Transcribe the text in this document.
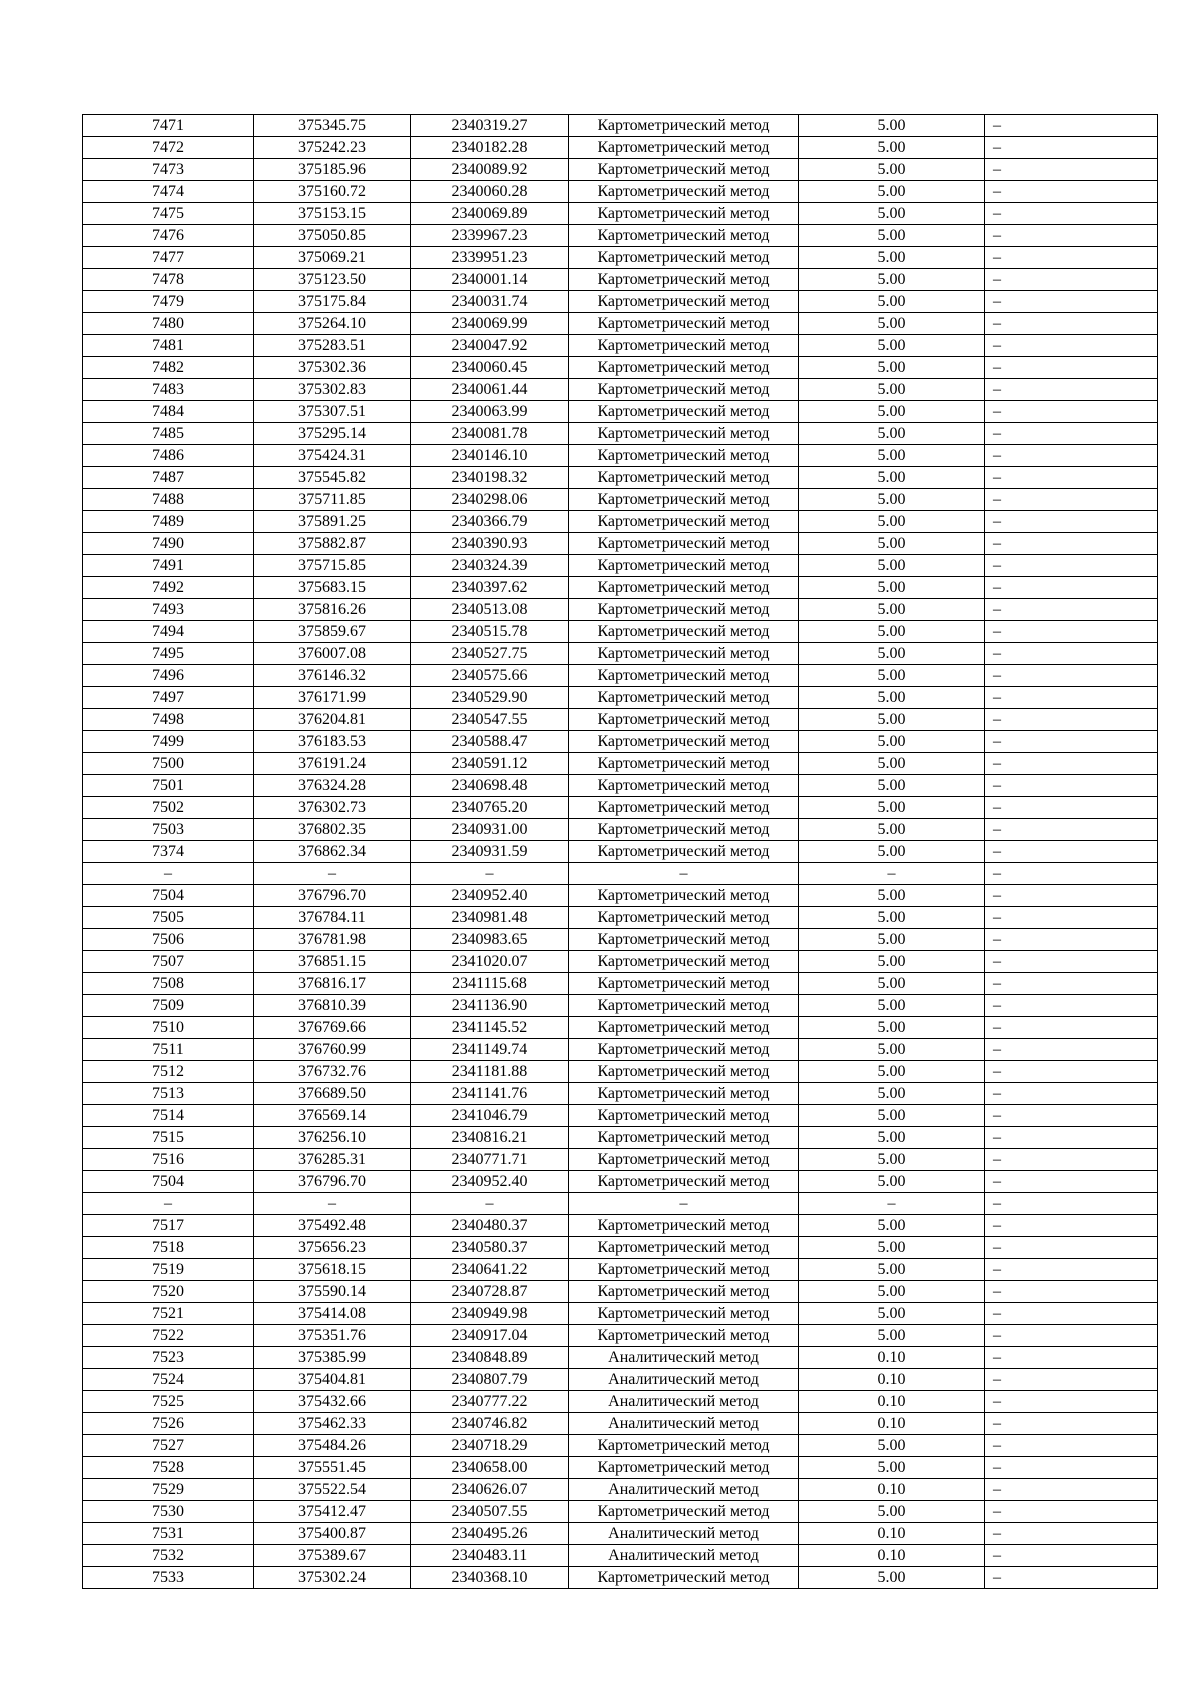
7471	375345.75	2340319.27	Картометрический метод	5.00	–
7472	375242.23	2340182.28	Картометрический метод	5.00	–
7473	375185.96	2340089.92	Картометрический метод	5.00	–
7474	375160.72	2340060.28	Картометрический метод	5.00	–
7475	375153.15	2340069.89	Картометрический метод	5.00	–
7476	375050.85	2339967.23	Картометрический метод	5.00	–
7477	375069.21	2339951.23	Картометрический метод	5.00	–
7478	375123.50	2340001.14	Картометрический метод	5.00	–
7479	375175.84	2340031.74	Картометрический метод	5.00	–
7480	375264.10	2340069.99	Картометрический метод	5.00	–
7481	375283.51	2340047.92	Картометрический метод	5.00	–
7482	375302.36	2340060.45	Картометрический метод	5.00	–
7483	375302.83	2340061.44	Картометрический метод	5.00	–
7484	375307.51	2340063.99	Картометрический метод	5.00	–
7485	375295.14	2340081.78	Картометрический метод	5.00	–
7486	375424.31	2340146.10	Картометрический метод	5.00	–
7487	375545.82	2340198.32	Картометрический метод	5.00	–
7488	375711.85	2340298.06	Картометрический метод	5.00	–
7489	375891.25	2340366.79	Картометрический метод	5.00	–
7490	375882.87	2340390.93	Картометрический метод	5.00	–
7491	375715.85	2340324.39	Картометрический метод	5.00	–
7492	375683.15	2340397.62	Картометрический метод	5.00	–
7493	375816.26	2340513.08	Картометрический метод	5.00	–
7494	375859.67	2340515.78	Картометрический метод	5.00	–
7495	376007.08	2340527.75	Картометрический метод	5.00	–
7496	376146.32	2340575.66	Картометрический метод	5.00	–
7497	376171.99	2340529.90	Картометрический метод	5.00	–
7498	376204.81	2340547.55	Картометрический метод	5.00	–
7499	376183.53	2340588.47	Картометрический метод	5.00	–
7500	376191.24	2340591.12	Картометрический метод	5.00	–
7501	376324.28	2340698.48	Картометрический метод	5.00	–
7502	376302.73	2340765.20	Картометрический метод	5.00	–
7503	376802.35	2340931.00	Картометрический метод	5.00	–
7374	376862.34	2340931.59	Картометрический метод	5.00	–
–	–	–	–	–	–
7504	376796.70	2340952.40	Картометрический метод	5.00	–
7505	376784.11	2340981.48	Картометрический метод	5.00	–
7506	376781.98	2340983.65	Картометрический метод	5.00	–
7507	376851.15	2341020.07	Картометрический метод	5.00	–
7508	376816.17	2341115.68	Картометрический метод	5.00	–
7509	376810.39	2341136.90	Картометрический метод	5.00	–
7510	376769.66	2341145.52	Картометрический метод	5.00	–
7511	376760.99	2341149.74	Картометрический метод	5.00	–
7512	376732.76	2341181.88	Картометрический метод	5.00	–
7513	376689.50	2341141.76	Картометрический метод	5.00	–
7514	376569.14	2341046.79	Картометрический метод	5.00	–
7515	376256.10	2340816.21	Картометрический метод	5.00	–
7516	376285.31	2340771.71	Картометрический метод	5.00	–
7504	376796.70	2340952.40	Картометрический метод	5.00	–
–	–	–	–	–	–
7517	375492.48	2340480.37	Картометрический метод	5.00	–
7518	375656.23	2340580.37	Картометрический метод	5.00	–
7519	375618.15	2340641.22	Картометрический метод	5.00	–
7520	375590.14	2340728.87	Картометрический метод	5.00	–
7521	375414.08	2340949.98	Картометрический метод	5.00	–
7522	375351.76	2340917.04	Картометрический метод	5.00	–
7523	375385.99	2340848.89	Аналитический метод	0.10	–
7524	375404.81	2340807.79	Аналитический метод	0.10	–
7525	375432.66	2340777.22	Аналитический метод	0.10	–
7526	375462.33	2340746.82	Аналитический метод	0.10	–
7527	375484.26	2340718.29	Картометрический метод	5.00	–
7528	375551.45	2340658.00	Картометрический метод	5.00	–
7529	375522.54	2340626.07	Аналитический метод	0.10	–
7530	375412.47	2340507.55	Картометрический метод	5.00	–
7531	375400.87	2340495.26	Аналитический метод	0.10	–
7532	375389.67	2340483.11	Аналитический метод	0.10	–
7533	375302.24	2340368.10	Картометрический метод	5.00	–
